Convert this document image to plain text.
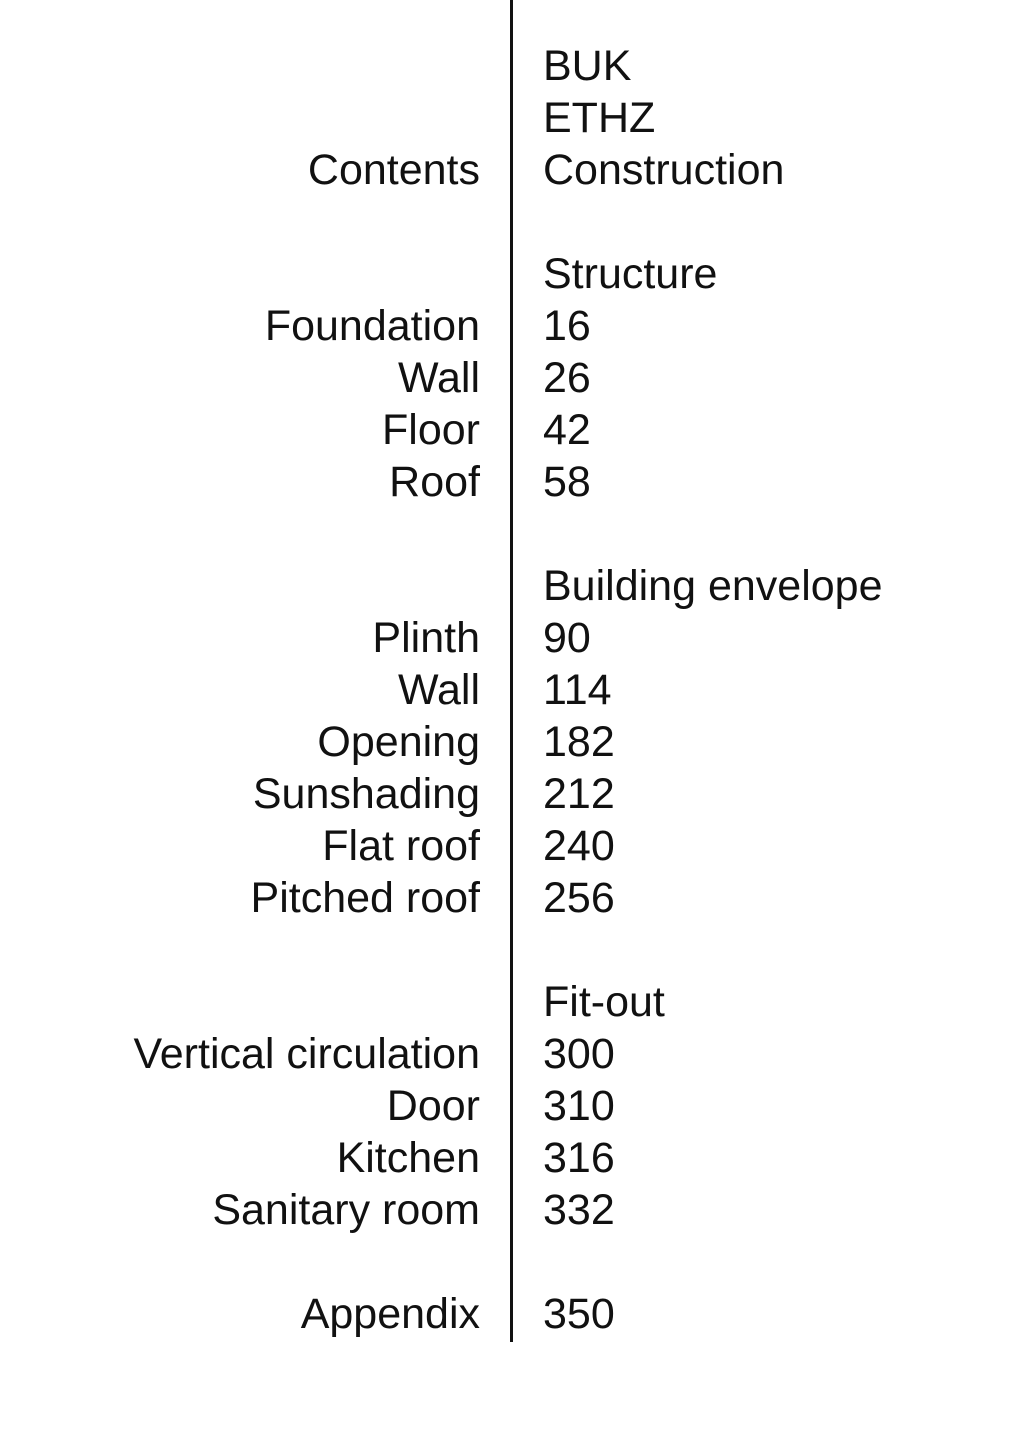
BUK
ETHZ
Contents Construction
Structure
Foundation 16
Wall 26
Floor 42
Roof 58
Building envelope
Plinth 90
Wall 114
Opening 182
Sunshading 212
Flat roof 240
Pitched roof 256
Fit-out
Vertical circulation 300
Door 310
Kitchen 316
Sanitary room 332
Appendix 350
